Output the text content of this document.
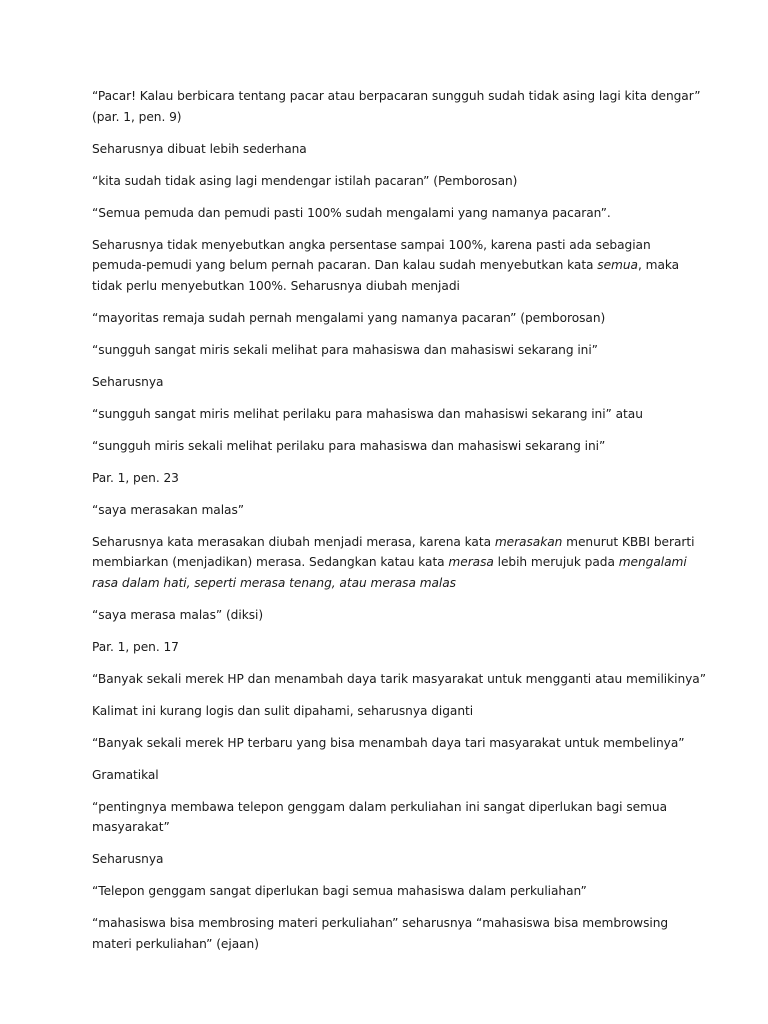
“Pacar! Kalau berbicara tentang pacar atau berpacaran sungguh sudah tidak asing lagi kita dengar” (par. 1, pen. 9)

Seharusnya dibuat lebih sederhana

“kita sudah tidak asing lagi mendengar istilah pacaran” (Pemborosan)

“Semua pemuda dan pemudi pasti 100% sudah mengalami yang namanya pacaran”.

Seharusnya tidak menyebutkan angka persentase sampai 100%, karena pasti ada sebagian pemuda-pemudi yang belum pernah pacaran. Dan kalau sudah menyebutkan kata semua, maka tidak perlu menyebutkan 100%. Seharusnya diubah menjadi

“mayoritas remaja sudah pernah mengalami yang namanya pacaran” (pemborosan)

“sungguh sangat miris sekali melihat para mahasiswa dan mahasiswi sekarang ini”

Seharusnya

“sungguh sangat miris melihat perilaku para mahasiswa dan mahasiswi sekarang ini” atau

“sungguh miris sekali melihat perilaku para mahasiswa dan mahasiswi sekarang ini”

Par. 1, pen. 23

“saya merasakan malas”

Seharusnya kata merasakan diubah menjadi merasa, karena kata merasakan menurut KBBI berarti membiarkan (menjadikan) merasa. Sedangkan katau kata merasa lebih merujuk pada mengalami rasa dalam hati, seperti merasa tenang, atau merasa malas

“saya merasa malas” (diksi)

Par. 1, pen. 17

“Banyak sekali merek HP dan menambah daya tarik masyarakat untuk mengganti atau memilikinya”

Kalimat ini kurang logis dan sulit dipahami, seharusnya diganti

“Banyak sekali merek HP terbaru yang bisa menambah daya tari masyarakat untuk membelinya”

Gramatikal

“pentingnya membawa telepon genggam dalam perkuliahan ini sangat diperlukan bagi semua masyarakat”

Seharusnya

“Telepon genggam sangat diperlukan bagi semua mahasiswa dalam perkuliahan”

“mahasiswa bisa membrosing materi perkuliahan” seharusnya “mahasiswa bisa membrowsing materi perkuliahan” (ejaan)
